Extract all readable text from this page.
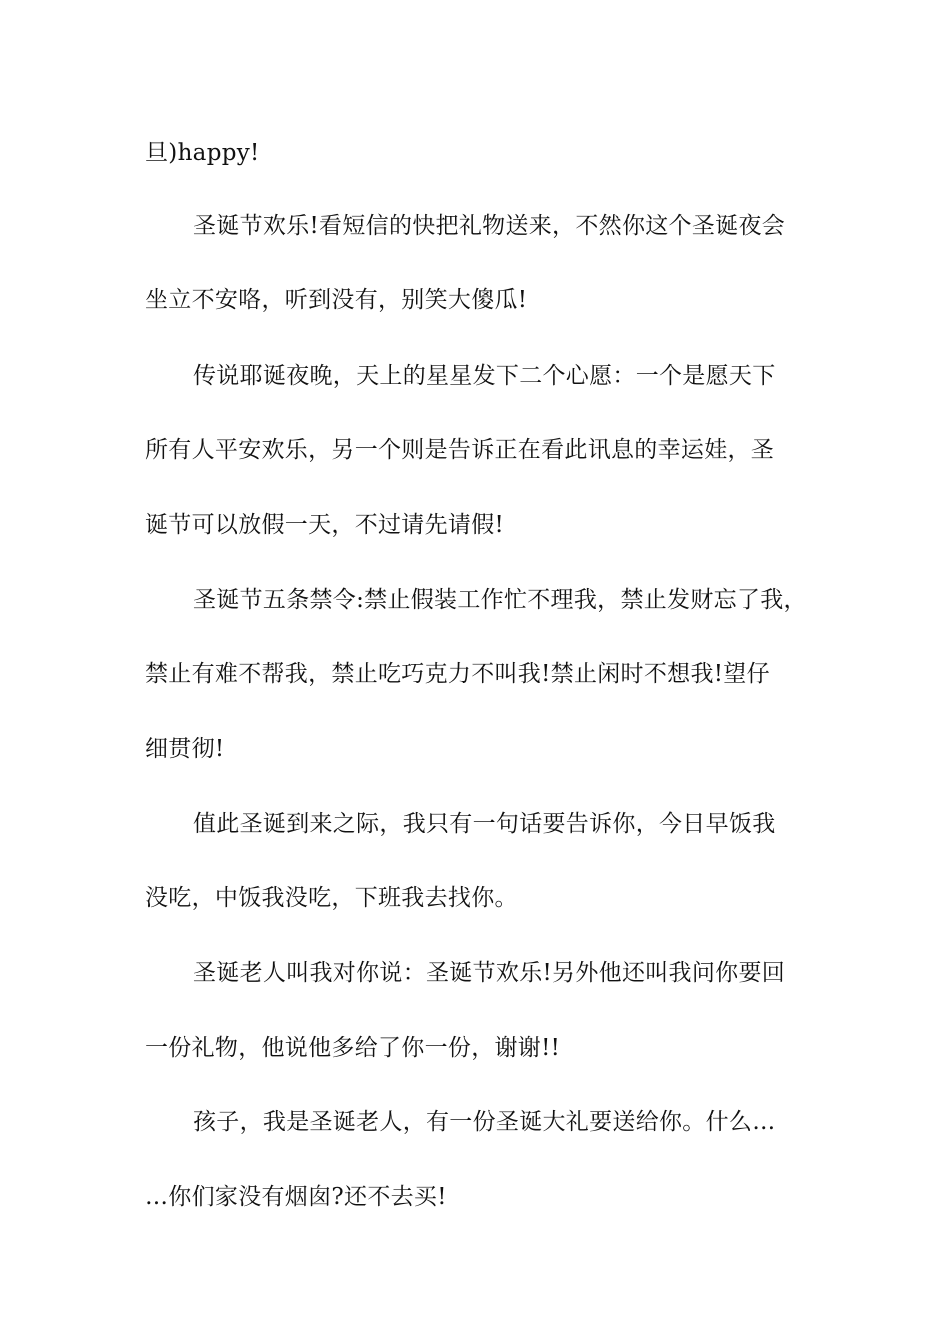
旦)happy!
圣诞节欢乐!看短信的快把礼物送来，不然你这个圣诞夜会
坐立不安咯，听到没有，别笑大傻瓜!
传说耶诞夜晚，天上的星星发下二个心愿：一个是愿天下
所有人平安欢乐，另一个则是告诉正在看此讯息的幸运娃，圣
诞节可以放假一天，不过请先请假!
圣诞节五条禁令:禁止假装工作忙不理我，禁止发财忘了我，
禁止有难不帮我，禁止吃巧克力不叫我!禁止闲时不想我!望仔
细贯彻!
值此圣诞到来之际，我只有一句话要告诉你，今日早饭我
没吃，中饭我没吃，下班我去找你。
圣诞老人叫我对你说：圣诞节欢乐!另外他还叫我问你要回
一份礼物，他说他多给了你一份，谢谢!!
孩子，我是圣诞老人，有一份圣诞大礼要送给你。什么…
…你们家没有烟囱?还不去买!
